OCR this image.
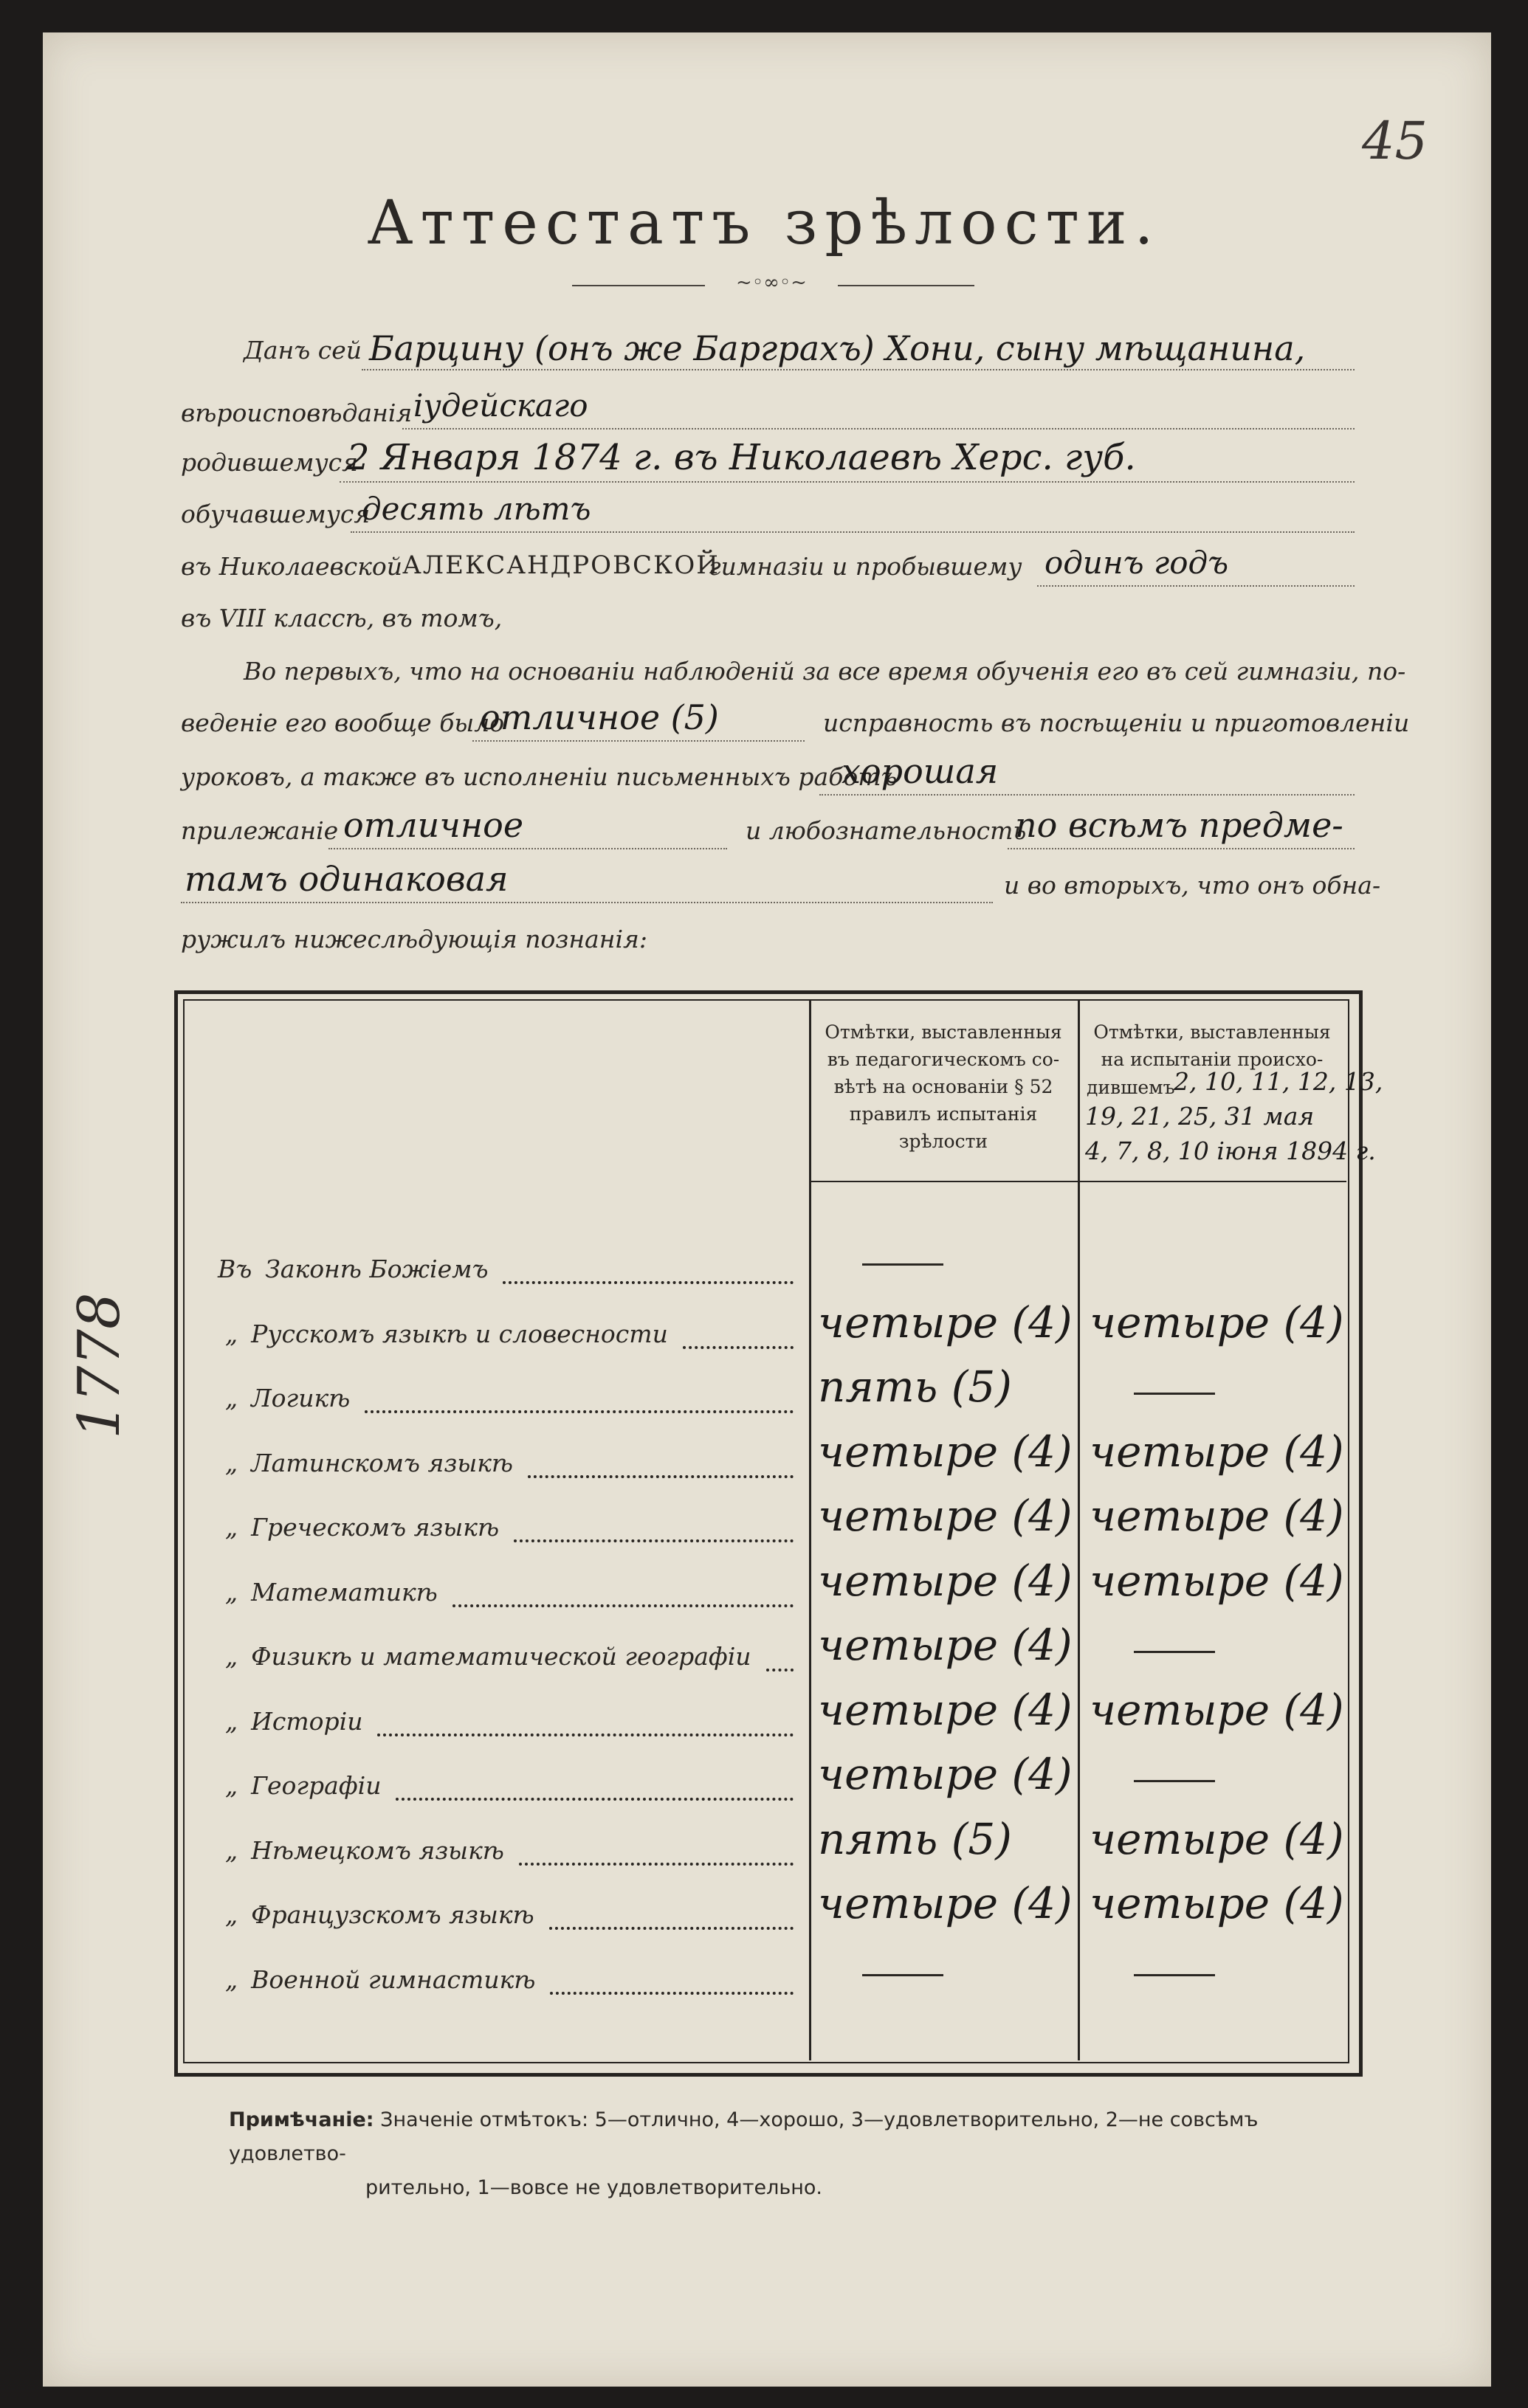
45
1778
Аттестатъ зрѣлости.
~◦∞◦~
Данъ сей Барцину (онъ же Барграхъ) Хони, сыну мѣщанина,
вѣроисповѣданія іудейскаго
родившемуся
2 Января 1874 г. въ Николаевѣ Херс. губ.
обучавшемуся
десять лѣтъ
въ Николаевской АЛЕКСАНДРОВСКОЙ
гимназіи и пробывшему одинъ годъ
въ VIII классѣ, въ томъ,
Во первыхъ, что на основаніи наблюденій за все время обученія его въ сей гимназіи, по-
веденіе его вообще было
отличное (5)	исправность въ посѣщеніи и приготовленіи
уроковъ, а также въ исполненіи письменныхъ работъ
хорошая
прилежаніе отличное	и любознательность
по всѣмъ предме-
тамъ одинаковая	и во вторыхъ, что онъ обна-
ружилъ нижеслѣдующія познанія:
Отмѣтки, выставленныя
въ педагогическомъ со-
вѣтѣ на основаніи § 52
правилъ испытанія
зрѣлости
Отмѣтки, выставленныя
на испытаніи происхо-
дившемъ
2, 10, 11, 12, 13,
19, 21, 25, 31 мая
4, 7, 8, 10 іюня 1894 г.
Въ Законѣ Божіемъ
„ Русскомъ языкѣ и словесности	четыре (4) четыре (4)
„ Логикѣ	пять (5)
„ Латинскомъ языкѣ	четыре (4) четыре (4)
„ Греческомъ языкѣ	четыре (4) четыре (4)
„ Математикѣ	четыре (4) четыре (4)
„ Физикѣ и математической географіи четыре (4)
„ Исторіи	четыре (4) четыре (4)
„ Географіи	четыре (4)
„ Нѣмецкомъ языкѣ	пять (5) четыре (4)
„ Французскомъ языкѣ	четыре (4) четыре (4)
„ Военной гимнастикѣ
Примѣчаніе: Значеніе отмѣтокъ: 5—отлично, 4—хорошо, 3—удовлетворительно, 2—не совсѣмъ удовлетво-
рительно, 1—вовсе не удовлетворительно.
